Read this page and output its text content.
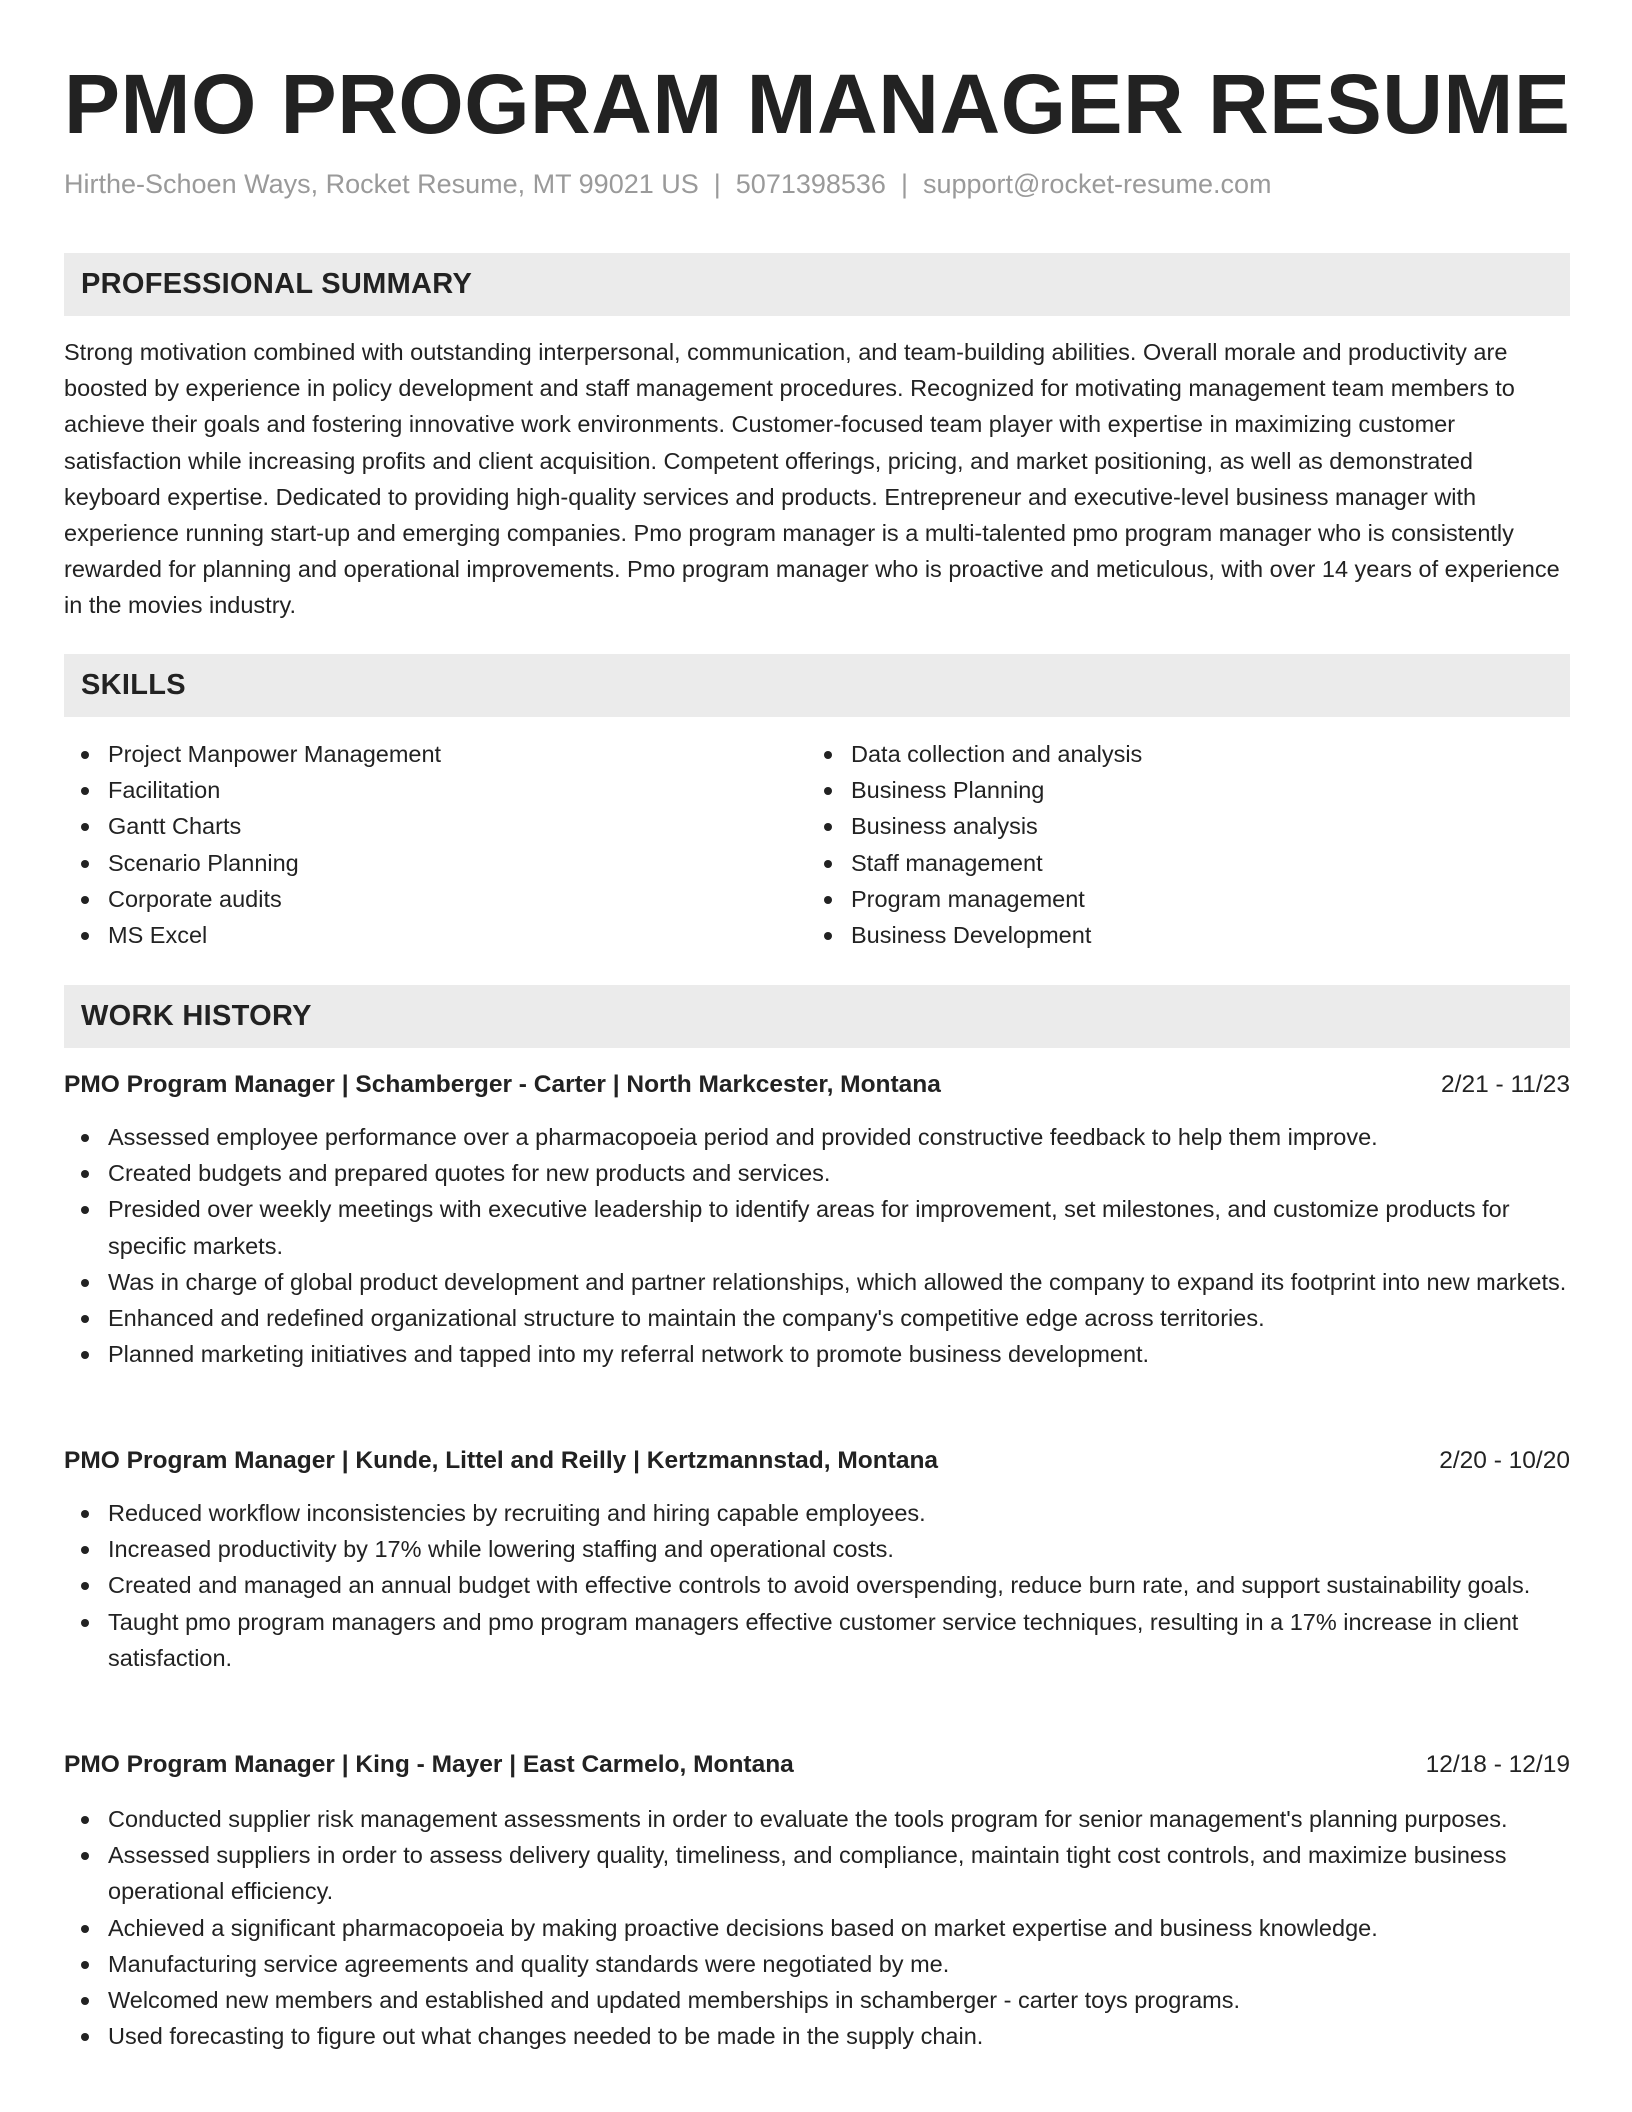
PMO PROGRAM MANAGER RESUME
Hirthe-Schoen Ways, Rocket Resume, MT 99021 US | 5071398536 | support@rocket-resume.com
PROFESSIONAL SUMMARY

Strong motivation combined with outstanding interpersonal, communication, and team-building abilities. Overall morale and productivity are boosted by experience in policy development and staff management procedures. Recognized for motivating management team members to achieve their goals and fostering innovative work environments. Customer-focused team player with expertise in maximizing customer satisfaction while increasing profits and client acquisition. Competent offerings, pricing, and market positioning, as well as demonstrated keyboard expertise. Dedicated to providing high-quality services and products. Entrepreneur and executive-level business manager with experience running start-up and emerging companies. Pmo program manager is a multi-talented pmo program manager who is consistently rewarded for planning and operational improvements. Pmo program manager who is proactive and meticulous, with over 14 years of experience in the movies industry.

SKILLS
Project Manpower Management
Facilitation
Gantt Charts
Scenario Planning
Corporate audits
MS Excel
Data collection and analysis
Business Planning
Business analysis
Staff management
Program management
Business Development
WORK HISTORY
PMO Program Manager | Schamberger - Carter | North Markcester, Montana	2/21 - 11/23
Assessed employee performance over a pharmacopoeia period and provided constructive feedback to help them improve.
Created budgets and prepared quotes for new products and services.
Presided over weekly meetings with executive leadership to identify areas for improvement, set milestones, and customize products for specific markets.
Was in charge of global product development and partner relationships, which allowed the company to expand its footprint into new markets.
Enhanced and redefined organizational structure to maintain the company's competitive edge across territories.
Planned marketing initiatives and tapped into my referral network to promote business development.
PMO Program Manager | Kunde, Littel and Reilly | Kertzmannstad, Montana	2/20 - 10/20
Reduced workflow inconsistencies by recruiting and hiring capable employees.
Increased productivity by 17% while lowering staffing and operational costs.
Created and managed an annual budget with effective controls to avoid overspending, reduce burn rate, and support sustainability goals.
Taught pmo program managers and pmo program managers effective customer service techniques, resulting in a 17% increase in client satisfaction.
PMO Program Manager | King - Mayer | East Carmelo, Montana	12/18 - 12/19
Conducted supplier risk management assessments in order to evaluate the tools program for senior management's planning purposes.
Assessed suppliers in order to assess delivery quality, timeliness, and compliance, maintain tight cost controls, and maximize business operational efficiency.
Achieved a significant pharmacopoeia by making proactive decisions based on market expertise and business knowledge.
Manufacturing service agreements and quality standards were negotiated by me.
Welcomed new members and established and updated memberships in schamberger - carter toys programs.
Used forecasting to figure out what changes needed to be made in the supply chain.
